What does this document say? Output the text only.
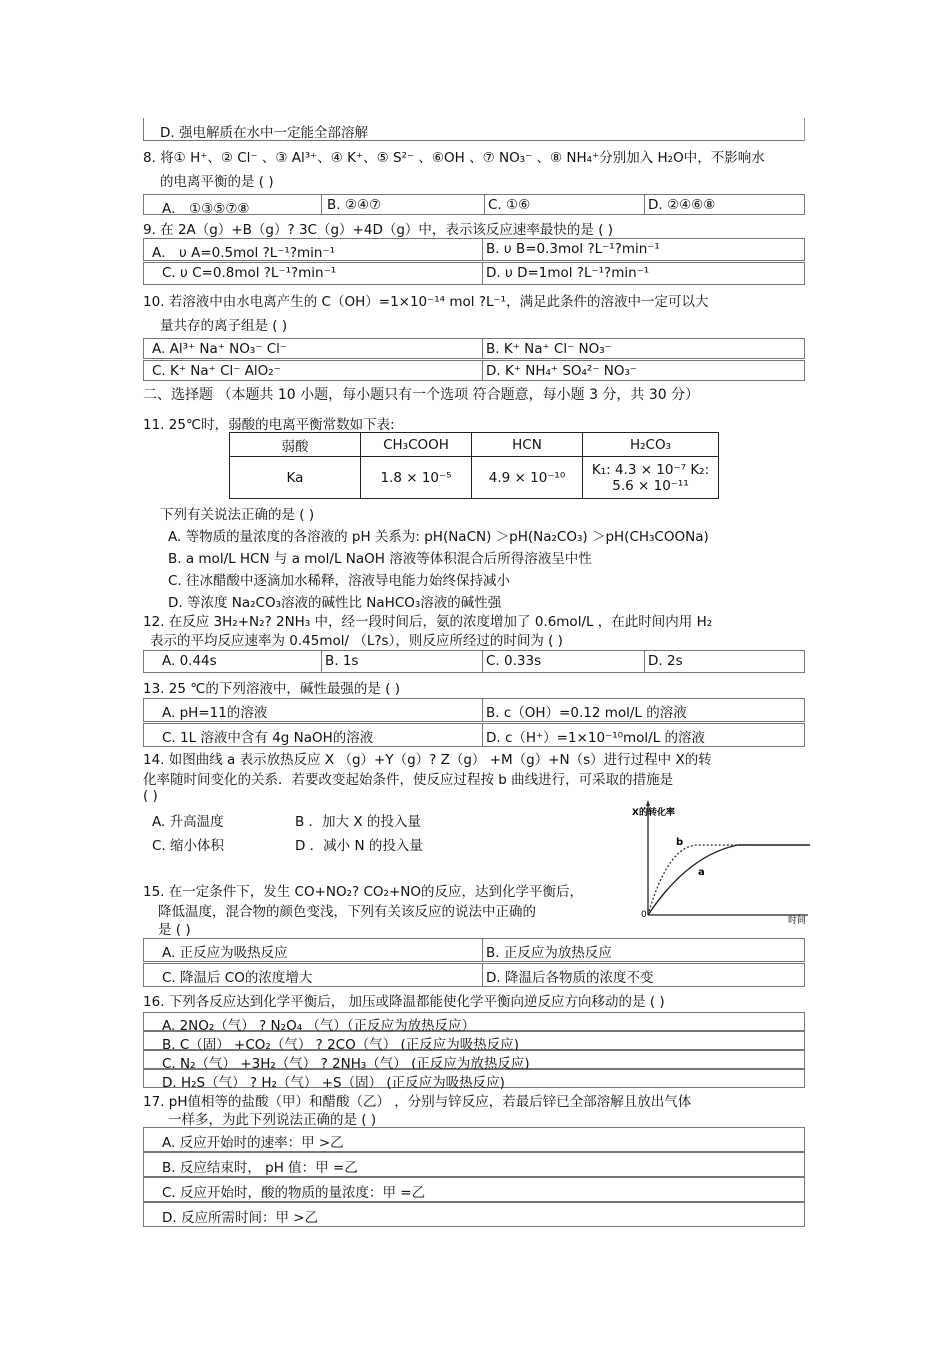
D. 强电解质在水中一定能全部溶解
8. 将① H⁺、② Cl⁻ 、③ Al³⁺、④ K⁺、⑤ S²⁻ 、⑥OH 、⑦ NO₃⁻ 、⑧ NH₄⁺分别加入 H₂O中，不影响水
的电离平衡的是 ( )
A． ①③⑤⑦⑧	B. ②④⑦	C. ①⑥	D. ②④⑥⑧
9. 在 2A（g）+B（g）? 3C（g）+4D（g）中，表示该反应速率最快的是 ( )
A． υ A=0.5mol ?L⁻¹?min⁻¹	B. υ B=0.3mol ?L⁻¹?min⁻¹
C. υ C=0.8mol ?L⁻¹?min⁻¹	D. υ D=1mol ?L⁻¹?min⁻¹
10. 若溶液中由水电离产生的 C（OH）=1×10⁻¹⁴ mol ?L⁻¹，满足此条件的溶液中一定可以大
量共存的离子组是 ( )
A. Al³⁺ Na⁺ NO₃⁻ Cl⁻	B. K⁺ Na⁺ Cl⁻ NO₃⁻
C. K⁺ Na⁺ Cl⁻ AlO₂⁻	D. K⁺ NH₄⁺ SO₄²⁻ NO₃⁻
二、选择题 （本题共 10 小题，每小题只有一个选项 符合题意，每小题 3 分，共 30 分）
11. 25℃时，弱酸的电离平衡常数如下表:
弱酸	CH₃COOH	HCN	H₂CO₃
Ka	1.8 × 10⁻⁵	4.9 × 10⁻¹⁰	K₁: 4.3 × 10⁻⁷ K₂:
5.6 × 10⁻¹¹
下列有关说法正确的是 ( )
A. 等物质的量浓度的各溶液的 pH 关系为: pH(NaCN) ＞pH(Na₂CO₃) ＞pH(CH₃COONa)
B. a mol/L HCN 与 a mol/L NaOH 溶液等体积混合后所得溶液呈中性
C. 往冰醋酸中逐滴加水稀释，溶液导电能力始终保持减小
D. 等浓度 Na₂CO₃溶液的碱性比 NaHCO₃溶液的碱性强
12. 在反应 3H₂+N₂? 2NH₃ 中，经一段时间后，氨的浓度增加了 0.6mol/L ，在此时间内用 H₂
表示的平均反应速率为 0.45mol/ （L?s），则反应所经过的时间为 ( )
A. 0.44s	B. 1s	C. 0.33s	D. 2s
13. 25 ℃的下列溶液中，碱性最强的是 ( )
A. pH=11的溶液	B. c（OH）=0.12 mol/L 的溶液
C. 1L 溶液中含有 4g NaOH的溶液	D. c（H⁺）=1×10⁻¹⁰mol/L 的溶液
14. 如图曲线 a 表示放热反应 X （g）+Y（g）? Z（g） +M（g）+N（s）进行过程中 X的转
化率随时间变化的关系．若要改变起始条件，使反应过程按 b 曲线进行，可采取的措施是
( )
A. 升高温度	B ．加大 X 的投入量
C. 缩小体积	D ．减小 N 的投入量
X的转化率
0
时间
b
a
15. 在一定条件下，发生 CO+NO₂? CO₂+NO的反应，达到化学平衡后，
降低温度，混合物的颜色变浅，下列有关该反应的说法中正确的
是 ( )
A. 正反应为吸热反应	B. 正反应为放热反应
C. 降温后 CO的浓度增大	D. 降温后各物质的浓度不变
16. 下列各反应达到化学平衡后， 加压或降温都能使化学平衡向逆反应方向移动的是 ( )
A. 2NO₂（气） ? N₂O₄ （气）（正反应为放热反应）
B. C（固） +CO₂（气） ? 2CO（气） (正反应为吸热反应)
C. N₂（气） +3H₂（气） ? 2NH₃（气） (正反应为放热反应)
D. H₂S（气） ? H₂（气） +S（固） (正反应为吸热反应)
17. pH值相等的盐酸（甲）和醋酸（乙） ，分别与锌反应，若最后锌已全部溶解且放出气体
一样多，为此下列说法正确的是 ( )
A. 反应开始时的速率：甲 >乙
B. 反应结束时， pH 值：甲 =乙
C. 反应开始时，酸的物质的量浓度：甲 =乙
D. 反应所需时间：甲 >乙
